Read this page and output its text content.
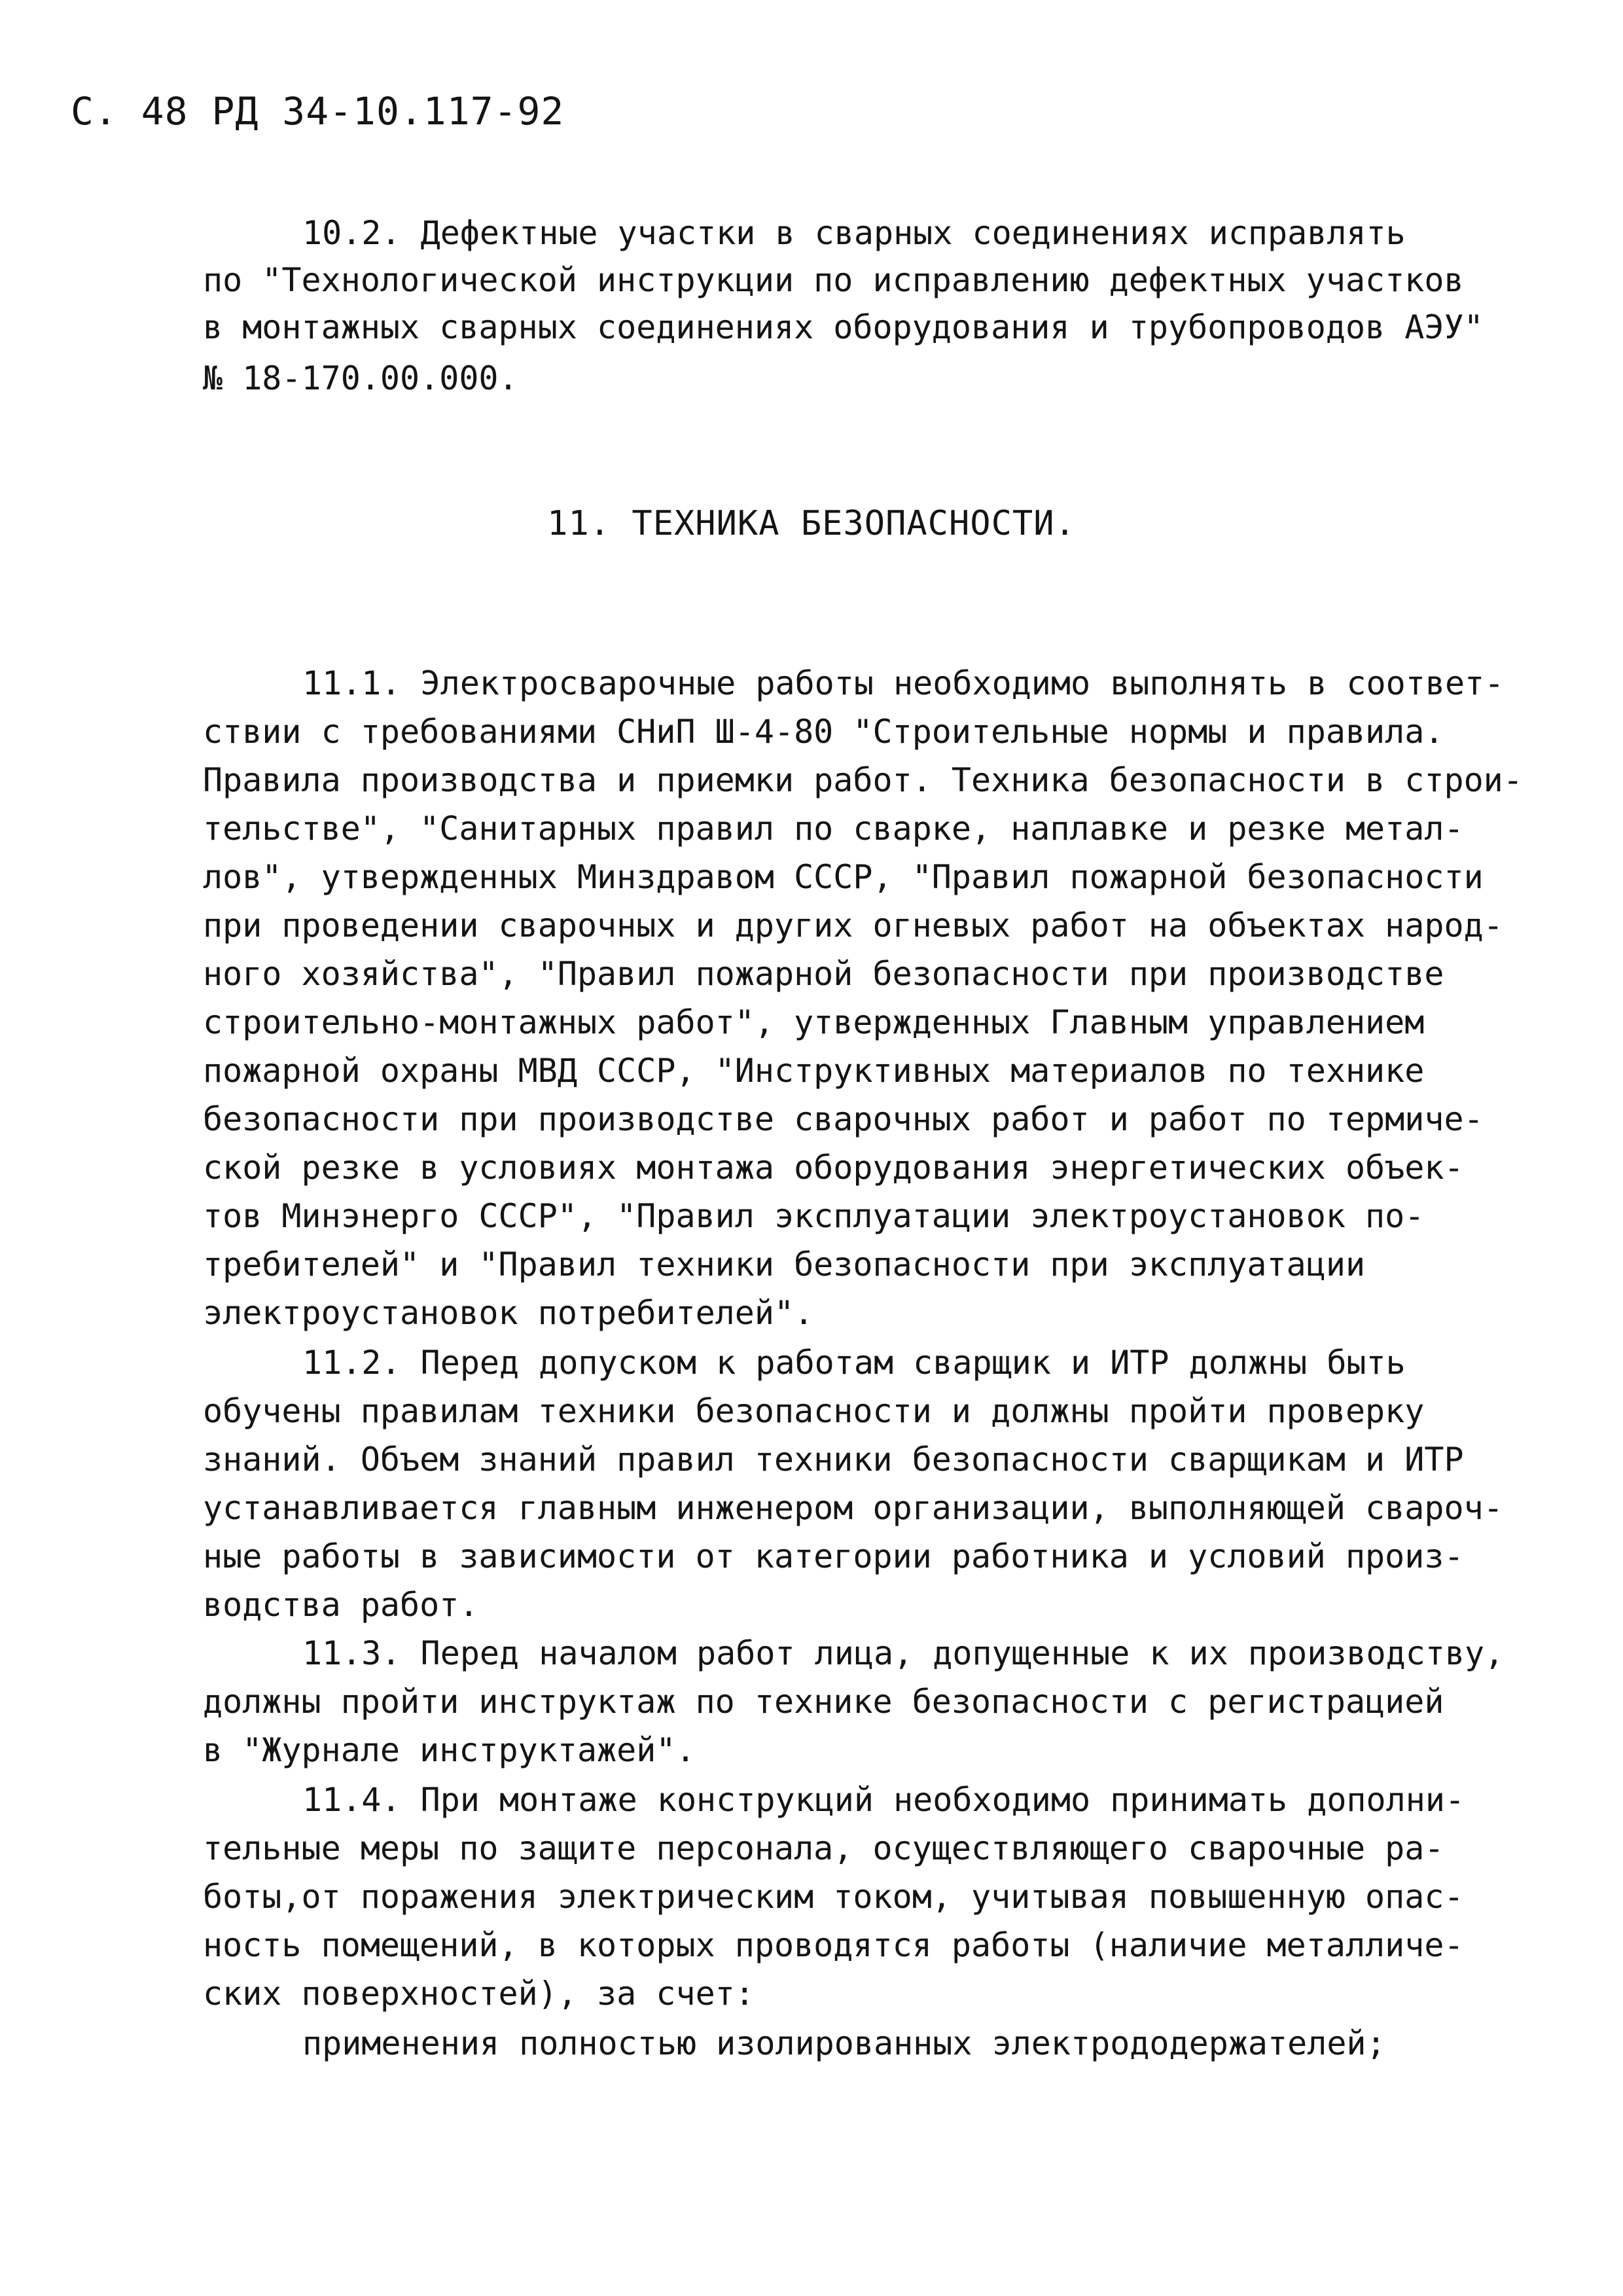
С. 48 РД 34-10.117-92
10.2. Дефектные участки в сварных соединениях исправлять
по "Технологической инструкции по исправлению дефектных участков
в монтажных сварных соединениях оборудования и трубопроводов АЭУ"
№ 18-170.00.000.
11. ТЕХНИКА БЕЗОПАСНОСТИ.
11.1. Электросварочные работы необходимо выполнять в соответ-
ствии с требованиями СНиП Ш-4-80 "Строительные нормы и правила.
Правила производства и приемки работ. Техника безопасности в строи-
тельстве", "Санитарных правил по сварке, наплавке и резке метал-
лов", утвержденных Минздравом СССР, "Правил пожарной безопасности
при проведении сварочных и других огневых работ на объектах народ-
ного хозяйства", "Правил пожарной безопасности при производстве
строительно-монтажных работ", утвержденных Главным управлением
пожарной охраны МВД СССР, "Инструктивных материалов по технике
безопасности при производстве сварочных работ и работ по термиче-
ской резке в условиях монтажа оборудования энергетических объек-
тов Минэнерго СССР", "Правил эксплуатации электроустановок по-
требителей" и "Правил техники безопасности при эксплуатации
электроустановок потребителей".
11.2. Перед допуском к работам сварщик и ИТР должны быть
обучены правилам техники безопасности и должны пройти проверку
знаний. Объем знаний правил техники безопасности сварщикам и ИТР
устанавливается главным инженером организации, выполняющей свароч-
ные работы в зависимости от категории работника и условий произ-
водства работ.
11.3. Перед началом работ лица, допущенные к их производству,
должны пройти инструктаж по технике безопасности с регистрацией
в "Журнале инструктажей".
11.4. При монтаже конструкций необходимо принимать дополни-
тельные меры по защите персонала, осуществляющего сварочные ра-
боты,от поражения электрическим током, учитывая повышенную опас-
ность помещений, в которых проводятся работы (наличие металличе-
ских поверхностей), за счет:
применения полностью изолированных электрододержателей;
